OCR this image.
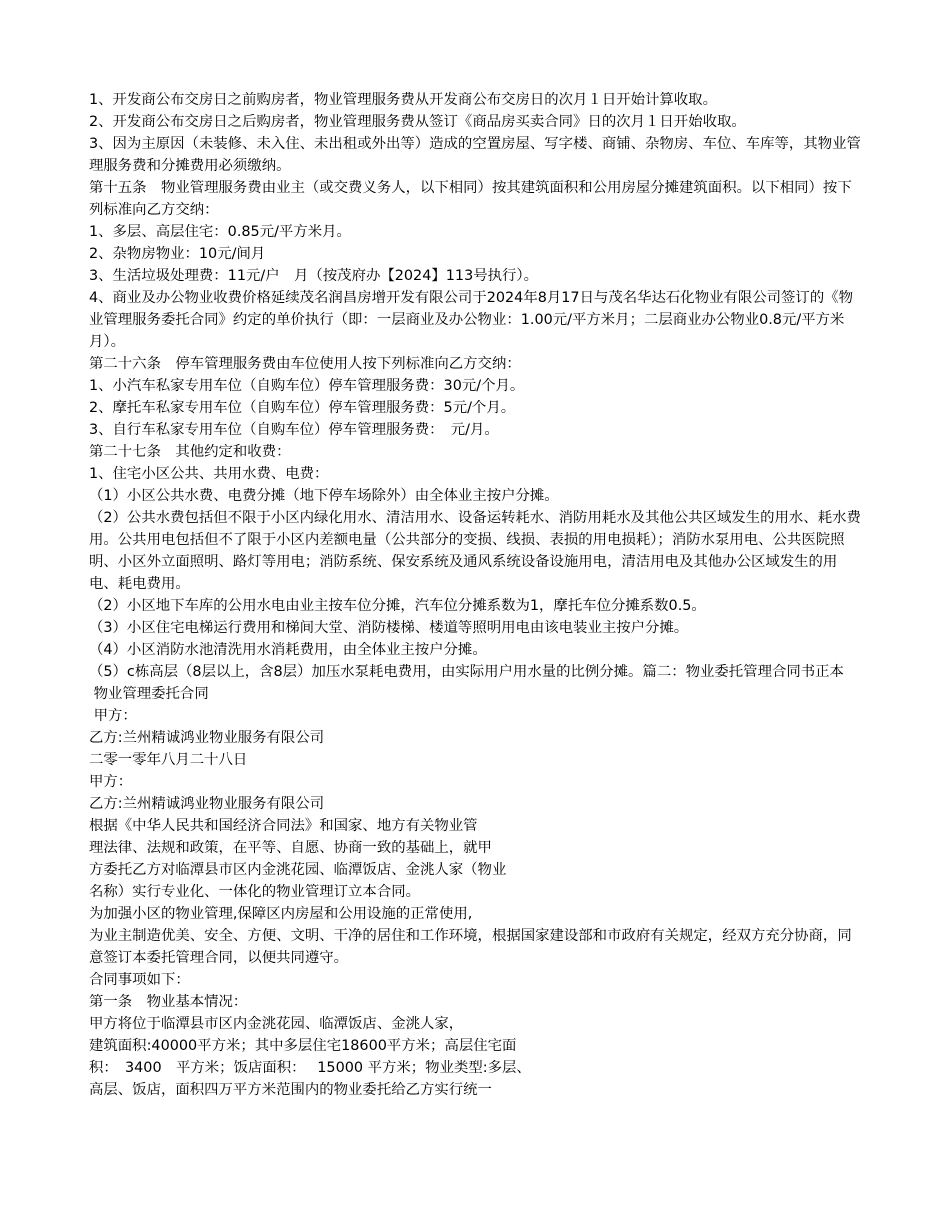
1、开发商公布交房日之前购房者，物业管理服务费从开发商公布交房日的次月１日开始计算收取。

2、开发商公布交房日之后购房者，物业管理服务费从签订《商品房买卖合同》日的次月１日开始收取。

3、因为主原因（未装修、未入住、未出租或外出等）造成的空置房屋、写字楼、商铺、杂物房、车位、车库等，其物业管理服务费和分摊费用必须缴纳。

第十五条　物业管理服务费由业主（或交费义务人，以下相同）按其建筑面积和公用房屋分摊建筑面积。以下相同）按下列标准向乙方交纳：

1、多层、高层住宅：0.85元/平方米月。

2、杂物房物业：10元/间月

3、生活垃圾处理费：11元/户　月（按茂府办【2024】113号执行）。

4、商业及办公物业收费价格延续茂名润昌房增开发有限公司于2024年8月17日与茂名华达石化物业有限公司签订的《物业管理服务委托合同》约定的单价执行（即：一层商业及办公物业：1.00元/平方米月；二层商业办公物业0.8元/平方米月）。

第二十六条　停车管理服务费由车位使用人按下列标准向乙方交纳：

1、小汽车私家专用车位（自购车位）停车管理服务费：30元/个月。

2、摩托车私家专用车位（自购车位）停车管理服务费：5元/个月。

3、自行车私家专用车位（自购车位）停车管理服务费：　元/月。

第二十七条　其他约定和收费：

1、住宅小区公共、共用水费、电费：

（1）小区公共水费、电费分摊（地下停车场除外）由全体业主按户分摊。

（2）公共水费包括但不限于小区内绿化用水、清洁用水、设备运转耗水、消防用耗水及其他公共区域发生的用水、耗水费用。公共用电包括但不了限于小区内差额电量（公共部分的变损、线损、表损的用电损耗）；消防水泵用电、公共医院照明、小区外立面照明、路灯等用电；消防系统、保安系统及通风系统设备设施用电，清洁用电及其他办公区域发生的用电、耗电费用。

（2）小区地下车库的公用水电由业主按车位分摊，汽车位分摊系数为1，摩托车位分摊系数0.5。

（3）小区住宅电梯运行费用和梯间大堂、消防楼梯、楼道等照明用电由该电装业主按户分摊。

（4）小区消防水池清洗用水消耗费用，由全体业主按户分摊。

（5）c栋高层（8层以上，含8层）加压水泵耗电费用，由实际用户用水量的比例分摊。篇二：物业委托管理合同书正本

物业管理委托合同

甲方：

乙方:兰州精诚鸿业物业服务有限公司

二零一零年八月二十八日

甲方：

乙方:兰州精诚鸿业物业服务有限公司

根据《中华人民共和国经济合同法》和国家、地方有关物业管

理法律、法规和政策，在平等、自愿、协商一致的基础上，就甲

方委托乙方对临潭县市区内金洮花园、临潭饭店、金洮人家（物业

名称）实行专业化、一体化的物业管理订立本合同。

为加强小区的物业管理,保障区内房屋和公用设施的正常使用,

为业主制造优美、安全、方便、文明、干净的居住和工作环境，根据国家建设部和市政府有关规定，经双方充分协商，同意签订本委托管理合同，以便共同遵守。

合同事项如下：

第一条　物业基本情况：

甲方将位于临潭县市区内金洮花园、临潭饭店、金洮人家，

建筑面积:40000平方米；其中多层住宅18600平方米；高层住宅面

积：　3400　平方米；饭店面积：　 15000 平方米；物业类型:多层、

高层、饭店，面积四万平方米范围内的物业委托给乙方实行统一
